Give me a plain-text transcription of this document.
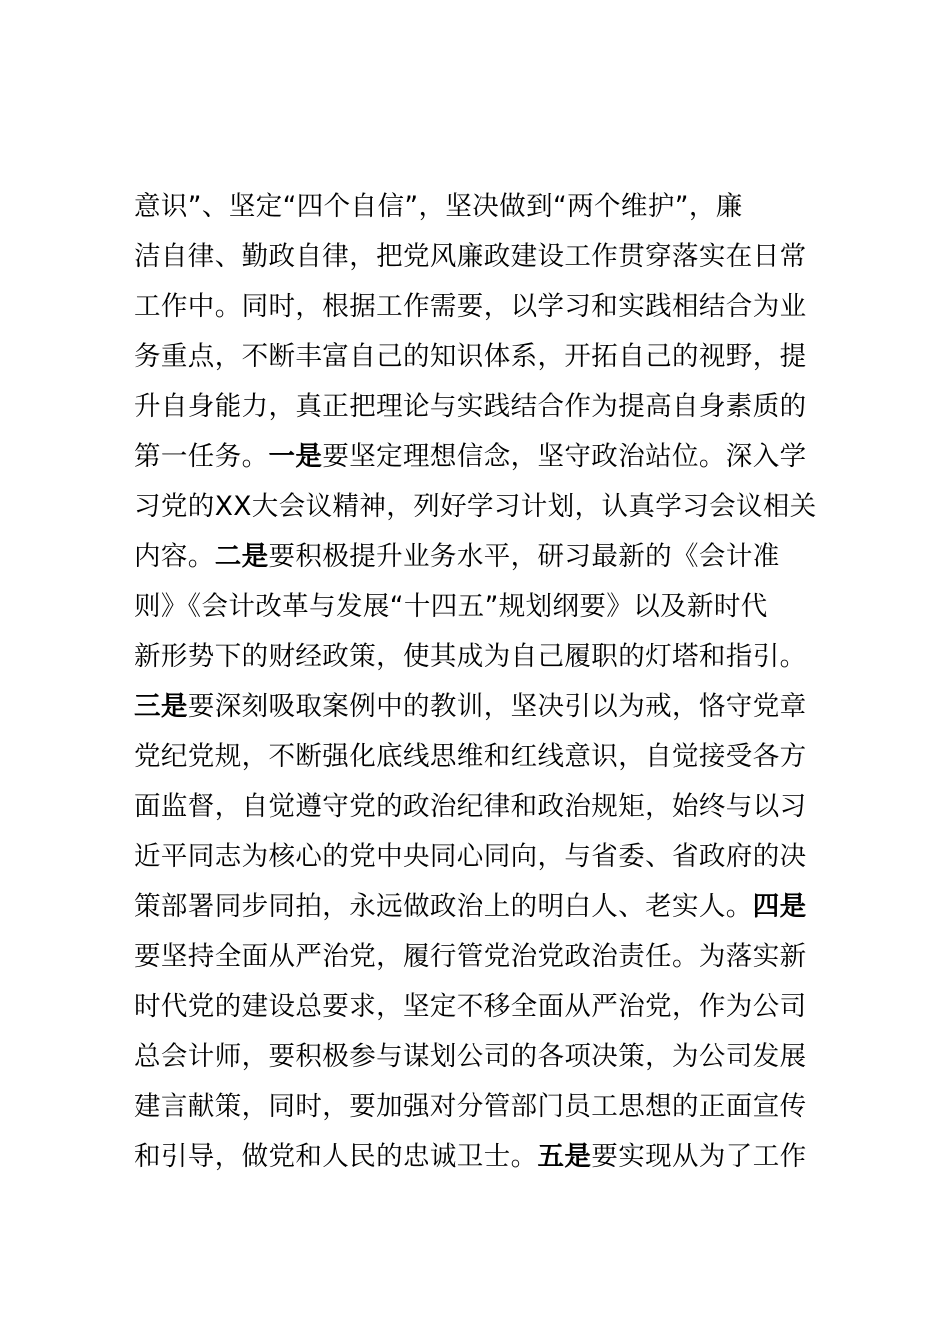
意识”、坚定“四个自信”，坚决做到“两个维护”，廉
洁自律、勤政自律，把党风廉政建设工作贯穿落实在日常
工作中。同时，根据工作需要，以学习和实践相结合为业
务重点，不断丰富自己的知识体系，开拓自己的视野，提
升自身能力，真正把理论与实践结合作为提高自身素质的
第一任务。一是要坚定理想信念，坚守政治站位。深入学
习党的XX大会议精神，列好学习计划，认真学习会议相关
内容。二是要积极提升业务水平，研习最新的《会计准
则》《会计改革与发展“十四五”规划纲要》以及新时代
新形势下的财经政策，使其成为自己履职的灯塔和指引。
三是要深刻吸取案例中的教训，坚决引以为戒，恪守党章
党纪党规，不断强化底线思维和红线意识，自觉接受各方
面监督，自觉遵守党的政治纪律和政治规矩，始终与以习
近平同志为核心的党中央同心同向，与省委、省政府的决
策部署同步同拍，永远做政治上的明白人、老实人。四是
要坚持全面从严治党，履行管党治党政治责任。为落实新
时代党的建设总要求，坚定不移全面从严治党，作为公司
总会计师，要积极参与谋划公司的各项决策，为公司发展
建言献策，同时，要加强对分管部门员工思想的正面宣传
和引导，做党和人民的忠诚卫士。五是要实现从为了工作
